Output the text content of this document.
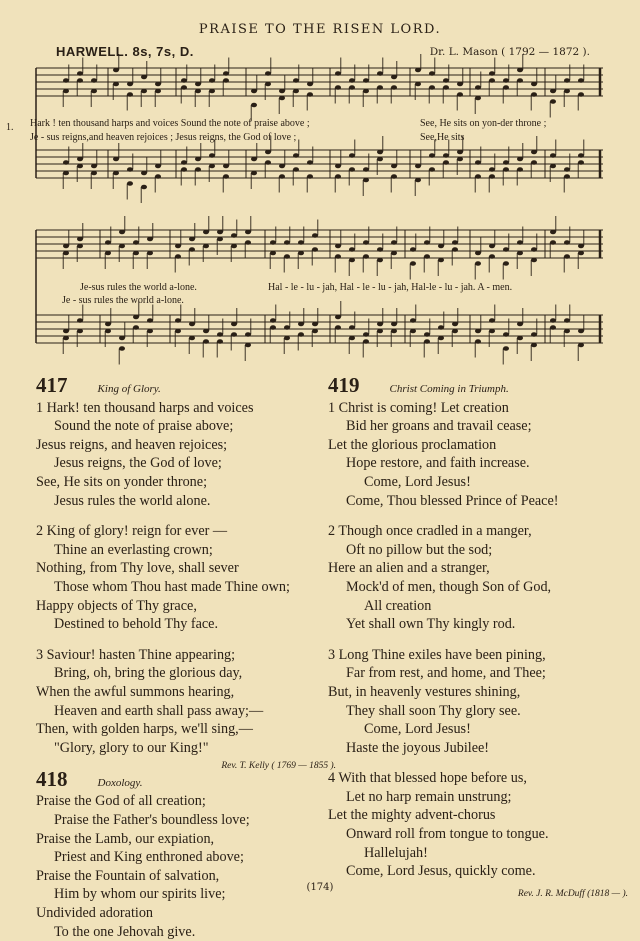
PRAISE TO THE RISEN LORD.
HARWELL. 8s, 7s, D.	Dr. L. Mason ( 1792 — 1872 ).
1. Hark ! ten thousand harps and voices Sound the note of praise above ;	See, He sits on yon-der throne ;
Je - sus reigns,and heaven rejoices ; Jesus reigns, the God of love ;	See,He sits
Je-sus rules the world a-lone.	Hal - le - lu - jah, Hal - le - lu - jah, Hal-le - lu - jah. A - men.
Je - sus rules the world a-lone.
417	King of Glory.
1 Hark! ten thousand harps and voices
Sound the note of praise above;
Jesus reigns, and heaven rejoices;
Jesus reigns, the God of love;
See, He sits on yonder throne;
Jesus rules the world alone.
2 King of glory! reign for ever —
Thine an everlasting crown;
Nothing, from Thy love, shall sever
Those whom Thou hast made Thine own;
Happy objects of Thy grace,
Destined to behold Thy face.
3 Saviour! hasten Thine appearing;
Bring, oh, bring the glorious day,
When the awful summons hearing,
Heaven and earth shall pass away;—
Then, with golden harps, we'll sing,—
"Glory, glory to our King!"
Rev. T. Kelly ( 1769 — 1855 ).
418	Doxology.
Praise the God of all creation;
Praise the Father's boundless love;
Praise the Lamb, our expiation,
Priest and King enthroned above;
Praise the Fountain of salvation,
Him by whom our spirits live;
Undivided adoration
To the one Jehovah give.
419	Christ Coming in Triumph.
1 Christ is coming! Let creation
Bid her groans and travail cease;
Let the glorious proclamation
Hope restore, and faith increase.
Come, Lord Jesus!
Come, Thou blessed Prince of Peace!
2 Though once cradled in a manger,
Oft no pillow but the sod;
Here an alien and a stranger,
Mock'd of men, though Son of God,
All creation
Yet shall own Thy kingly rod.
3 Long Thine exiles have been pining,
Far from rest, and home, and Thee;
But, in heavenly vestures shining,
They shall soon Thy glory see.
Come, Lord Jesus!
Haste the joyous Jubilee!
4 With that blessed hope before us,
Let no harp remain unstrung;
Let the mighty advent-chorus
Onward roll from tongue to tongue.
Hallelujah!
Come, Lord Jesus, quickly come.
Rev. J. R. McDuff (1818 — ).
(174)
